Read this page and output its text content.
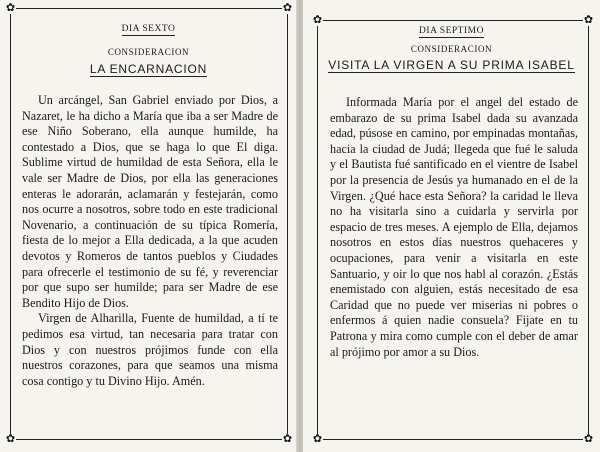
✿	✿
✿	✿
DIA SEXTO
CONSIDERACION
LA ENCARNACION

Un arcángel, San Gabriel enviado por Dios, a Nazaret, le ha dicho a María que iba a ser Madre de ese Niño Soberano, ella aunque humilde, ha contestado a Dios, que se haga lo que El diga. Sublime virtud de humildad de esta Señora, ella le vale ser Madre de Dios, por ella las generaciones enteras le adorarán, aclamarán y festejarán, como nos ocurre a nosotros, sobre todo en este tradicional Novenario, a continuación de su típica Romería, fiesta de lo mejor a Ella dedicada, a la que acuden devotos y Romeros de tantos pueblos y Ciudades para ofrecerle el testimonio de su fé, y reverenciar por que supo ser humilde; para ser Madre de ese Bendito Hijo de Dios.

Virgen de Alharilla, Fuente de humildad, a tí te pedimos esa virtud, tan necesaria para tratar con Dios y con nuestros prójimos funde con ella nuestros corazones, para que seamos una misma cosa contigo y tu Divino Hijo. Amén.

✿	✿
✿	✿
DIA SEPTIMO
CONSIDERACION
VISITA LA VIRGEN A SU PRIMA ISABEL

Informada María por el angel del estado de embarazo de su prima Isabel dada su avanzada edad, púsose en camino, por empinadas montañas, hacia la ciudad de Judá; llegeda que fué le saluda y el Bautista fué santificado en el vientre de Isabel por la presencia de Jesús ya humanado en el de la Virgen. ¿Qué hace esta Señora? la caridad le lleva no ha visitarla sino a cuidarla y servirla por espacio de tres meses. A ejemplo de Ella, dejamos nosotros en estos días nuestros quehaceres y ocupaciones, para venir a visitarla en este Santuario, y oir lo que nos habl al corazón. ¿Estás enemistado con alguien, estás necesitado de esa Caridad que no puede ver miserias ni pobres o enfermos á quien nadie consuela? Fijate en tu Patrona y mira como cumple con el deber de amar al prójimo por amor a su Dios.
